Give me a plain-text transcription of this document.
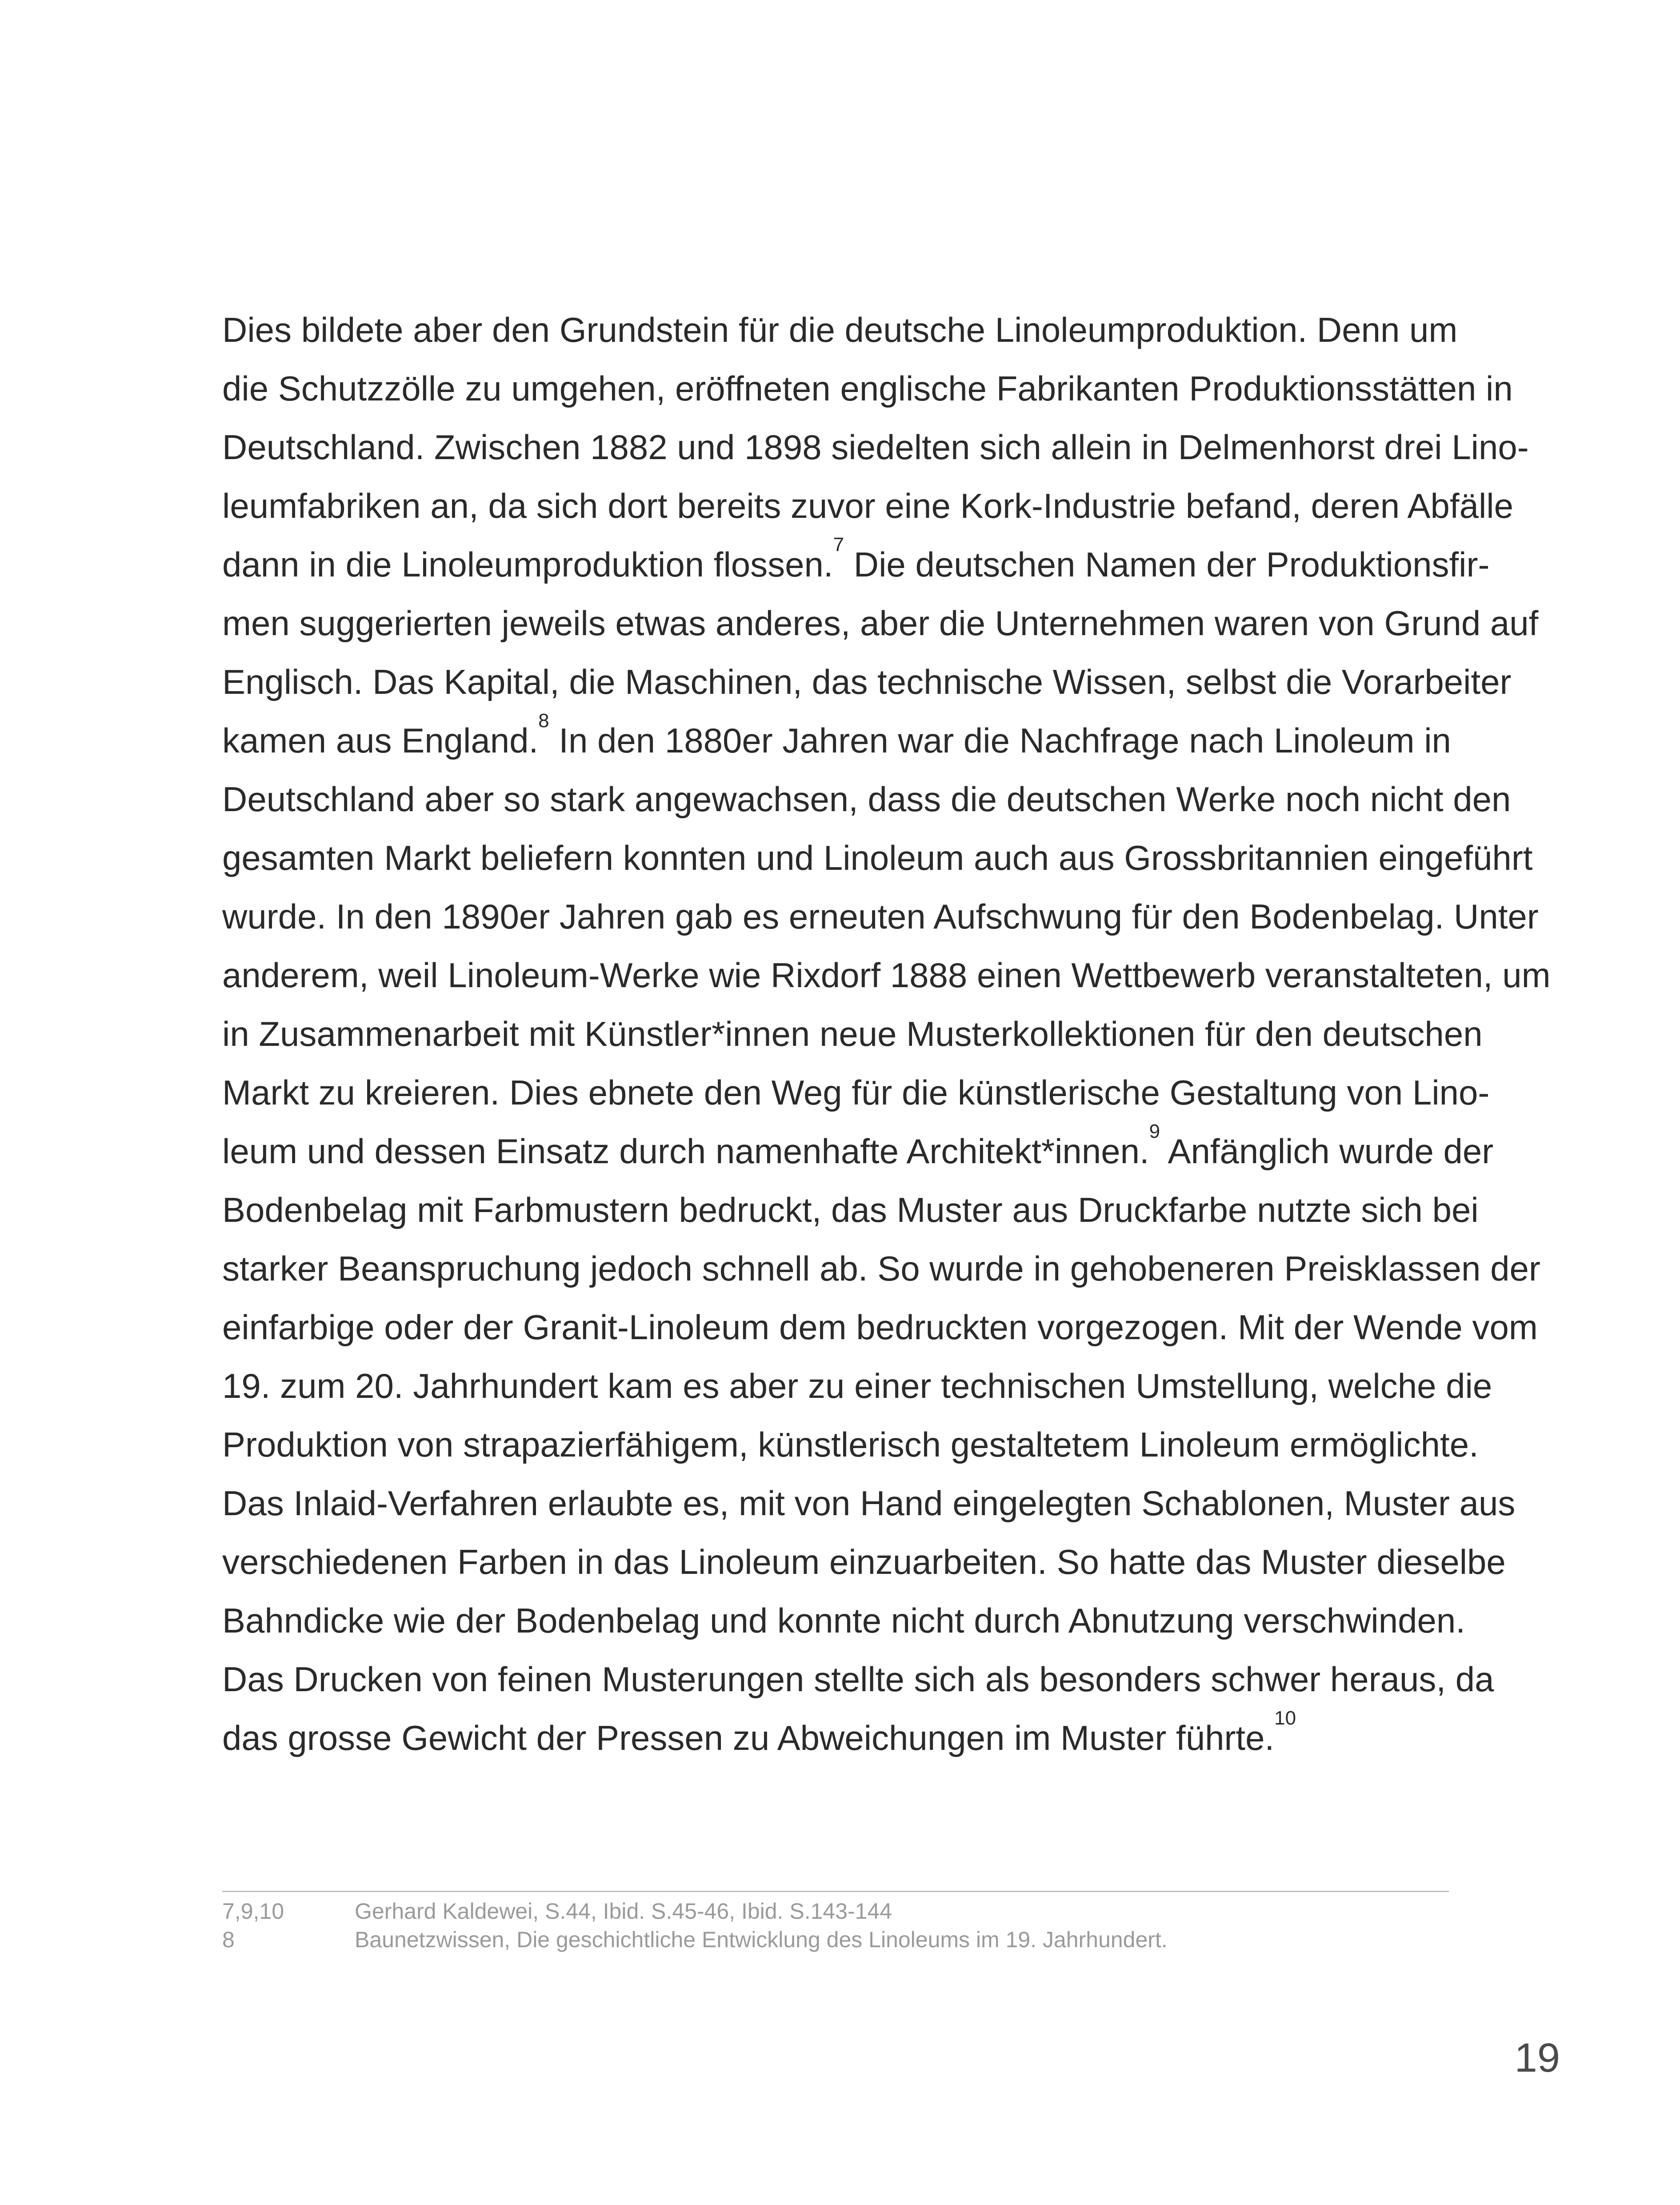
Dies bildete aber den Grundstein für die deutsche Linoleumproduktion. Denn um
die Schutzzölle zu umgehen, eröffneten englische Fabrikanten Produktionsstätten in
Deutschland. Zwischen 1882 und 1898 siedelten sich allein in Delmenhorst drei Lino-
leumfabriken an, da sich dort bereits zuvor eine Kork-Industrie befand, deren Abfälle
dann in die Linoleumproduktion flossen.$^7$ Die deutschen Namen der Produktionsfir-
men suggerierten jeweils etwas anderes, aber die Unternehmen waren von Grund auf
Englisch. Das Kapital, die Maschinen, das technische Wissen, selbst die Vorarbeiter
kamen aus England.$^8$ In den 1880er Jahren war die Nachfrage nach Linoleum in
Deutschland aber so stark angewachsen, dass die deutschen Werke noch nicht den
gesamten Markt beliefern konnten und Linoleum auch aus Grossbritannien eingeführt
wurde. In den 1890er Jahren gab es erneuten Aufschwung für den Bodenbelag. Unter
anderem, weil Linoleum-Werke wie Rixdorf 1888 einen Wettbewerb veranstalteten, um
in Zusammenarbeit mit Künstler*innen neue Musterkollektionen für den deutschen
Markt zu kreieren. Dies ebnete den Weg für die künstlerische Gestaltung von Lino-
leum und dessen Einsatz durch namenhafte Architekt*innen.$^9$ Anfänglich wurde der
Bodenbelag mit Farbmustern bedruckt, das Muster aus Druckfarbe nutzte sich bei
starker Beanspruchung jedoch schnell ab. So wurde in gehobeneren Preisklassen der
einfarbige oder der Granit-Linoleum dem bedruckten vorgezogen. Mit der Wende vom
19. zum 20. Jahrhundert kam es aber zu einer technischen Umstellung, welche die
Produktion von strapazierfähigem, künstlerisch gestaltetem Linoleum ermöglichte.
Das Inlaid-Verfahren erlaubte es, mit von Hand eingelegten Schablonen, Muster aus
verschiedenen Farben in das Linoleum einzuarbeiten. So hatte das Muster dieselbe
Bahndicke wie der Bodenbelag und konnte nicht durch Abnutzung verschwinden.
Das Drucken von feinen Musterungen stellte sich als besonders schwer heraus, da
das grosse Gewicht der Pressen zu Abweichungen im Muster führte.$^{10}$
7,9,10	Gerhard Kaldewei, S.44, Ibid. S.45-46, Ibid. S.143-144
8	Baunetzwissen, Die geschichtliche Entwicklung des Linoleums im 19. Jahrhundert.
19
